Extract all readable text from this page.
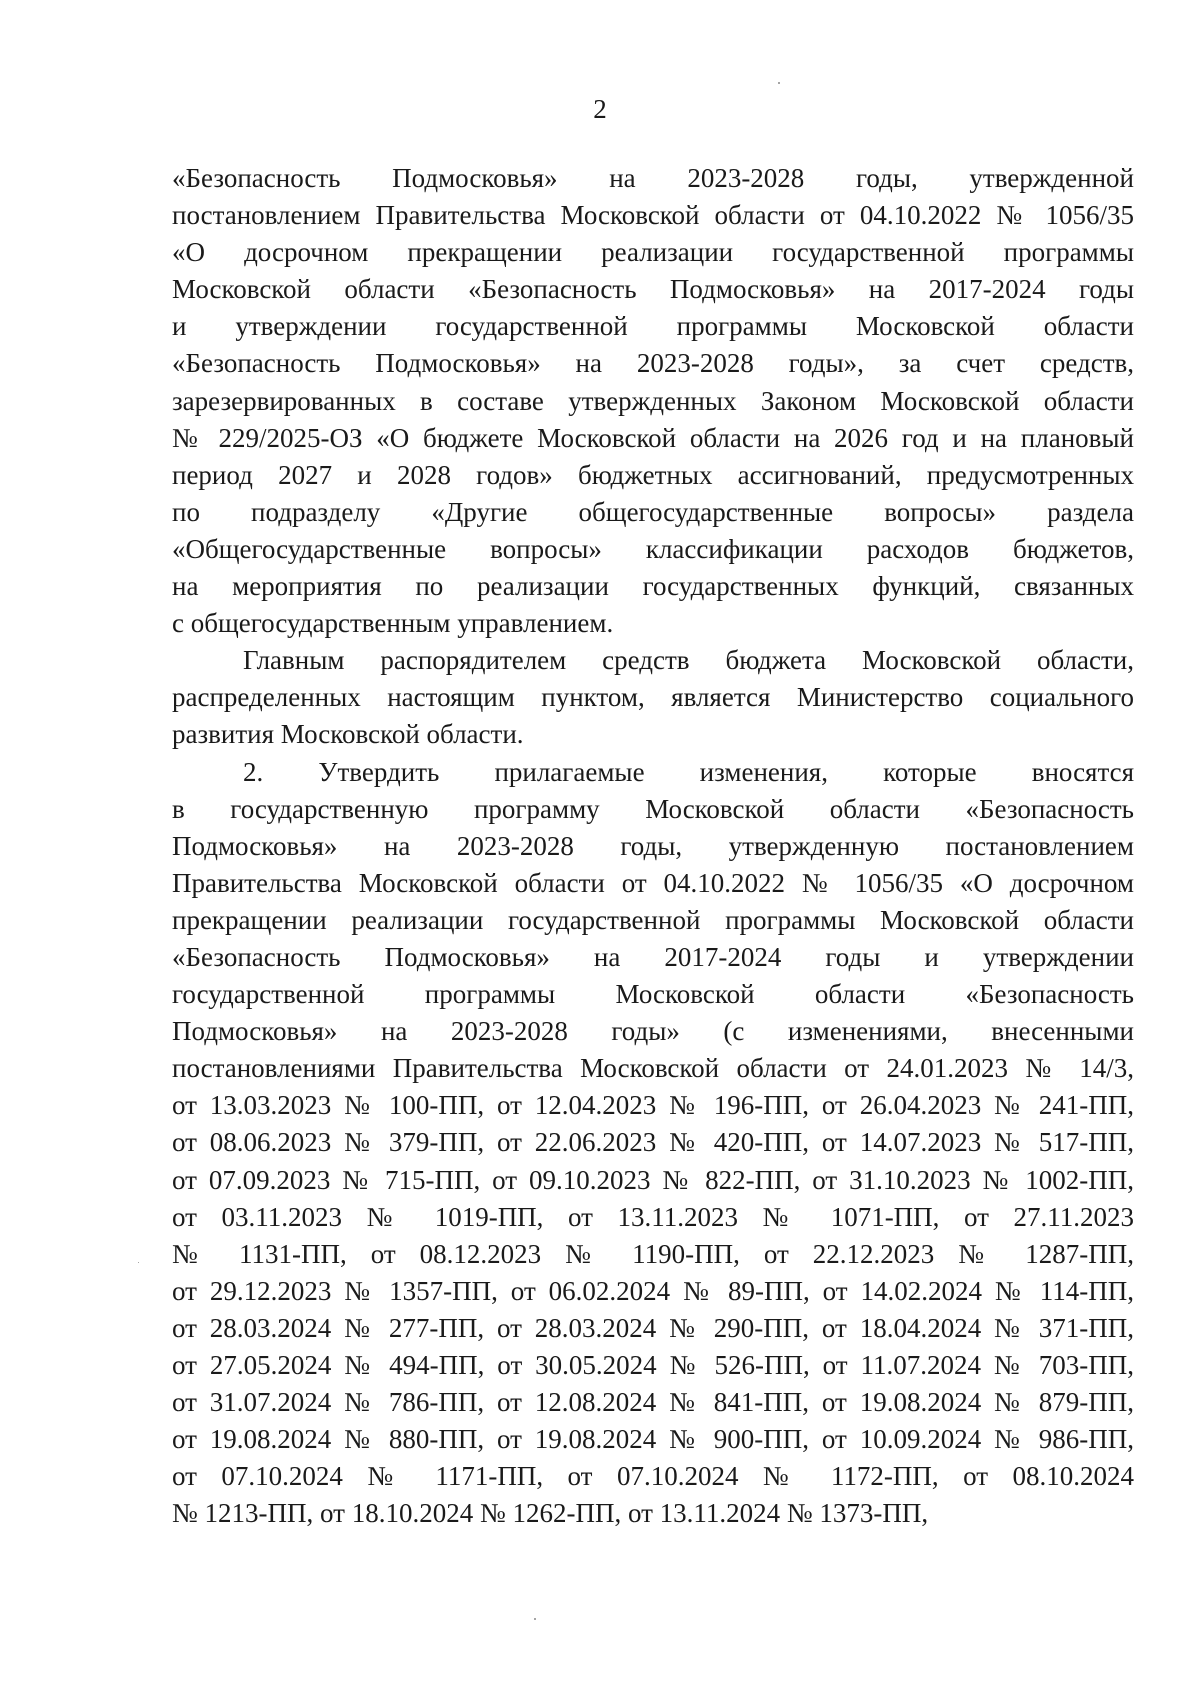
2
«Безопасность Подмосковья» на 2023-2028 годы, утвержденной
постановлением Правительства Московской области от 04.10.2022 № 1056/35
«О досрочном прекращении реализации государственной программы
Московской области «Безопасность Подмосковья» на 2017-2024 годы
и утверждении государственной программы Московской области
«Безопасность Подмосковья» на 2023-2028 годы», за счет средств,
зарезервированных в составе утвержденных Законом Московской области
№ 229/2025-ОЗ «О бюджете Московской области на 2026 год и на плановый
период 2027 и 2028 годов» бюджетных ассигнований, предусмотренных
по подразделу «Другие общегосударственные вопросы» раздела
«Общегосударственные вопросы» классификации расходов бюджетов,
на мероприятия по реализации государственных функций, связанных
с общегосударственным управлением.
Главным распорядителем средств бюджета Московской области,
распределенных настоящим пунктом, является Министерство социального
развития Московской области.
2. Утвердить прилагаемые изменения, которые вносятся
в государственную программу Московской области «Безопасность
Подмосковья» на 2023-2028 годы, утвержденную постановлением
Правительства Московской области от 04.10.2022 № 1056/35 «О досрочном
прекращении реализации государственной программы Московской области
«Безопасность Подмосковья» на 2017-2024 годы и утверждении
государственной программы Московской области «Безопасность
Подмосковья» на 2023-2028 годы» (с изменениями, внесенными
постановлениями Правительства Московской области от 24.01.2023 № 14/3,
от 13.03.2023 № 100-ПП, от 12.04.2023 № 196-ПП, от 26.04.2023 № 241-ПП,
от 08.06.2023 № 379-ПП, от 22.06.2023 № 420-ПП, от 14.07.2023 № 517-ПП,
от 07.09.2023 № 715-ПП, от 09.10.2023 № 822-ПП, от 31.10.2023 № 1002-ПП,
от 03.11.2023 № 1019-ПП, от 13.11.2023 № 1071-ПП, от 27.11.2023
№ 1131-ПП, от 08.12.2023 № 1190-ПП, от 22.12.2023 № 1287-ПП,
от 29.12.2023 № 1357-ПП, от 06.02.2024 № 89-ПП, от 14.02.2024 № 114-ПП,
от 28.03.2024 № 277-ПП, от 28.03.2024 № 290-ПП, от 18.04.2024 № 371-ПП,
от 27.05.2024 № 494-ПП, от 30.05.2024 № 526-ПП, от 11.07.2024 № 703-ПП,
от 31.07.2024 № 786-ПП, от 12.08.2024 № 841-ПП, от 19.08.2024 № 879-ПП,
от 19.08.2024 № 880-ПП, от 19.08.2024 № 900-ПП, от 10.09.2024 № 986-ПП,
от 07.10.2024 № 1171-ПП, от 07.10.2024 № 1172-ПП, от 08.10.2024
№ 1213-ПП, от 18.10.2024 № 1262-ПП, от 13.11.2024 № 1373-ПП,
